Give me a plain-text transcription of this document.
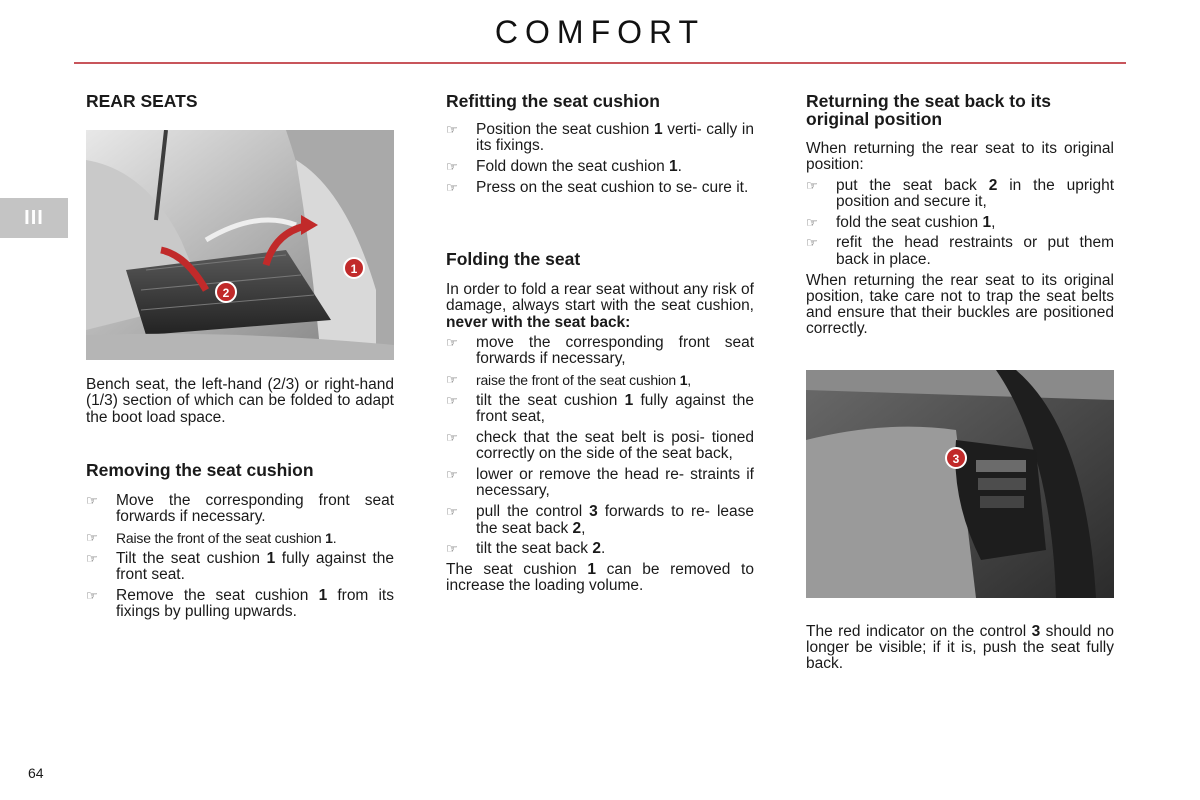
COMFORT
III
REAR SEATS
1
2

Bench seat, the left-hand (2/3) or right-hand (1/3) section of which can be folded to adapt the boot load space.

Removing the seat cushion
☞ Move the corresponding front seat forwards if necessary.
☞ Raise the front of the seat cushion 1.
☞ Tilt the seat cushion 1 fully against the front seat.
☞ Remove the seat cushion 1 from its fixings by pulling upwards.
Refitting the seat cushion
☞ Position the seat cushion 1 verti- cally in its fixings.
☞ Fold down the seat cushion 1.
☞ Press on the seat cushion to se- cure it.
Folding the seat

In order to fold a rear seat without any risk of damage, always start with the seat cushion, never with the seat back:

☞ move the corresponding front seat forwards if necessary,
☞ raise the front of the seat cushion 1,
☞ tilt the seat cushion 1 fully against the front seat,
☞ check that the seat belt is posi- tioned correctly on the side of the seat back,
☞ lower or remove the head re- straints if necessary,
☞ pull the control 3 forwards to re- lease the seat back 2,
☞ tilt the seat back 2.

The seat cushion 1 can be removed to increase the loading volume.

Returning the seat back to its original position

When returning the rear seat to its original position:

☞ put the seat back 2 in the upright position and secure it,
☞ fold the seat cushion 1,
☞ refit the head restraints or put them back in place.

When returning the rear seat to its original position, take care not to trap the seat belts and ensure that their buckles are positioned correctly.

3

The red indicator on the control 3 should no longer be visible; if it is, push the seat fully back.

64
